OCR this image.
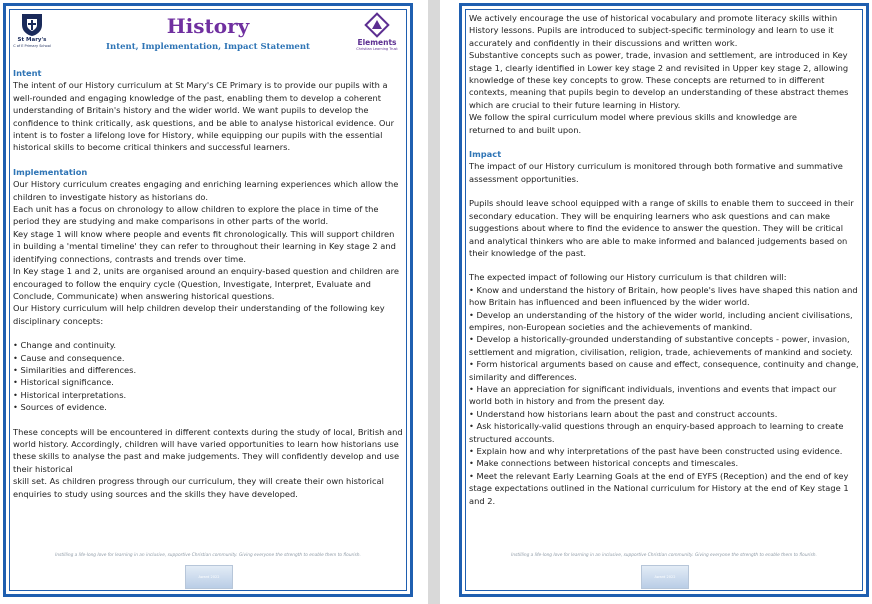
St Mary's
C of E Primary School
History
Intent, Implementation, Impact Statement	Elements
Christian Learning Trust

Intent

The intent of our History curriculum at St Mary's CE Primary is to provide our pupils with a well-rounded and engaging knowledge of the past, enabling them to develop a coherent understanding of Britain's history and the wider world. We want pupils to develop the confidence to think critically, ask questions, and be able to analyse historical evidence. Our intent is to foster a lifelong love for History, while equipping our pupils with the essential historical skills to become critical thinkers and successful learners.

Implementation

Our History curriculum creates engaging and enriching learning experiences which allow the children to investigate history as historians do.

Each unit has a focus on chronology to allow children to explore the place in time of the period they are studying and make comparisons in other parts of the world.

Key stage 1 will know where people and events fit chronologically. This will support children in building a 'mental timeline' they can refer to throughout their learning in Key stage 2 and identifying connections, contrasts and trends over time.

In Key stage 1 and 2, units are organised around an enquiry-based question and children are encouraged to follow the enquiry cycle (Question, Investigate, Interpret, Evaluate and Conclude, Communicate) when answering historical questions.

Our History curriculum will help children develop their understanding of the following key disciplinary concepts:

• Change and continuity.
• Cause and consequence.
• Similarities and differences.
• Historical significance.
• Historical interpretations.
• Sources of evidence.

These concepts will be encountered in different contexts during the study of local, British and world history. Accordingly, children will have varied opportunities to learn how historians use these skills to analyse the past and make judgements. They will confidently develop and use their historical

skill set. As children progress through our curriculum, they will create their own historical enquiries to study using sources and the skills they have developed.

Instilling a life-long love for learning in an inclusive, supportive Christian community. Giving everyone the strength to enable them to flourish.
Award 2022

We actively encourage the use of historical vocabulary and promote literacy skills within History lessons. Pupils are introduced to subject-specific terminology and learn to use it accurately and confidently in their discussions and written work.

Substantive concepts such as power, trade, invasion and settlement, are introduced in Key stage 1, clearly identified in Lower key stage 2 and revisited in Upper key stage 2, allowing knowledge of these key concepts to grow. These concepts are returned to in different contexts, meaning that pupils begin to develop an understanding of these abstract themes which are crucial to their future learning in History.

We follow the spiral curriculum model where previous skills and knowledge are

returned to and built upon.

Impact

The impact of our History curriculum is monitored through both formative and summative assessment opportunities.

Pupils should leave school equipped with a range of skills to enable them to succeed in their secondary education. They will be enquiring learners who ask questions and can make suggestions about where to find the evidence to answer the question. They will be critical and analytical thinkers who are able to make informed and balanced judgements based on their knowledge of the past.

The expected impact of following our History curriculum is that children will:

• Know and understand the history of Britain, how people's lives have shaped this nation and how Britain has influenced and been influenced by the wider world.
• Develop an understanding of the history of the wider world, including ancient civilisations, empires, non-European societies and the achievements of mankind.
• Develop a historically-grounded understanding of substantive concepts - power, invasion, settlement and migration, civilisation, religion, trade, achievements of mankind and society.
• Form historical arguments based on cause and effect, consequence, continuity and change, similarity and differences.
• Have an appreciation for significant individuals, inventions and events that impact our world both in history and from the present day.
• Understand how historians learn about the past and construct accounts.
• Ask historically-valid questions through an enquiry-based approach to learning to create structured accounts.
• Explain how and why interpretations of the past have been constructed using evidence.
• Make connections between historical concepts and timescales.
• Meet the relevant Early Learning Goals at the end of EYFS (Reception) and the end of key stage expectations outlined in the National curriculum for History at the end of Key stage 1 and 2.
Instilling a life-long love for learning in an inclusive, supportive Christian community. Giving everyone the strength to enable them to flourish.
Award 2022
